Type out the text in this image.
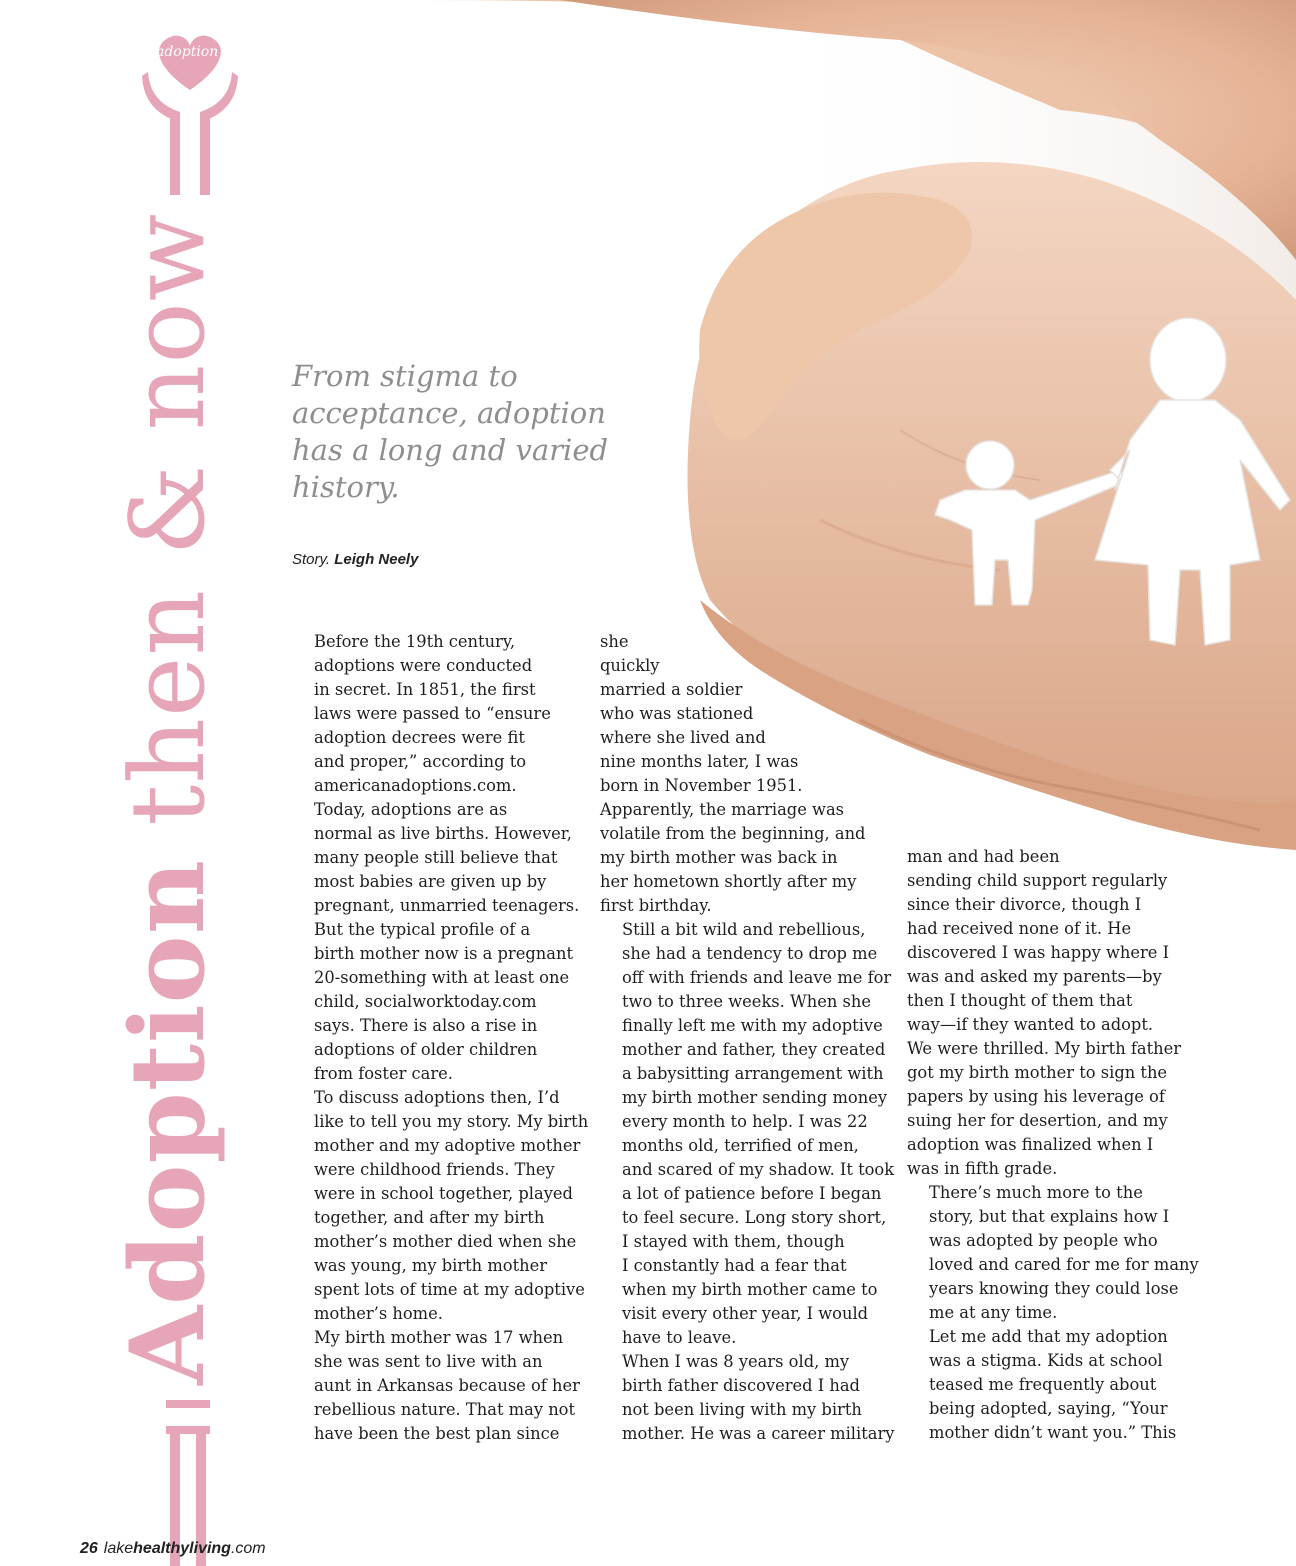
adoption
Adoption then & now From stigma to acceptance, adoption has a long and varied history.
Story. Leigh Neely

Before the 19th century,
adoptions were conducted
in secret. In 1851, the first
laws were passed to “ensure
adoption decrees were fit
and proper,” according to
americanadoptions.com.

Today, adoptions are as
normal as live births. However,
many people still believe that
most babies are given up by
pregnant, unmarried teenagers.
But the typical profile of a
birth mother now is a pregnant
20-something with at least one
child, socialworktoday.com
says. There is also a rise in
adoptions of older children
from foster care.

To discuss adoptions then, I’d
like to tell you my story. My birth
mother and my adoptive mother
were childhood friends. They
were in school together, played
together, and after my birth
mother’s mother died when she
was young, my birth mother
spent lots of time at my adoptive
mother’s home.

My birth mother was 17 when
she was sent to live with an
aunt in Arkansas because of her
rebellious nature. That may not
have been the best plan since

she
quickly
married a soldier
who was stationed
where she lived and
nine months later, I was
born in November 1951.
Apparently, the marriage was
volatile from the beginning, and
my birth mother was back in
her hometown shortly after my
first birthday.

Still a bit wild and rebellious,
she had a tendency to drop me
off with friends and leave me for
two to three weeks. When she
finally left me with my adoptive
mother and father, they created
a babysitting arrangement with
my birth mother sending money
every month to help. I was 22
months old, terrified of men,
and scared of my shadow. It took
a lot of patience before I began
to feel secure. Long story short,
I stayed with them, though
I constantly had a fear that
when my birth mother came to
visit every other year, I would
have to leave.

When I was 8 years old, my
birth father discovered I had
not been living with my birth
mother. He was a career military

man and had been
sending child support regularly
since their divorce, though I
had received none of it. He
discovered I was happy where I
was and asked my parents—by
then I thought of them that
way—if they wanted to adopt.
We were thrilled. My birth father
got my birth mother to sign the
papers by using his leverage of
suing her for desertion, and my
adoption was finalized when I
was in fifth grade.

There’s much more to the
story, but that explains how I
was adopted by people who
loved and cared for me for many
years knowing they could lose
me at any time.

Let me add that my adoption
was a stigma. Kids at school
teased me frequently about
being adopted, saying, “Your
mother didn’t want you.” This

26 lakehealthyliving.com
